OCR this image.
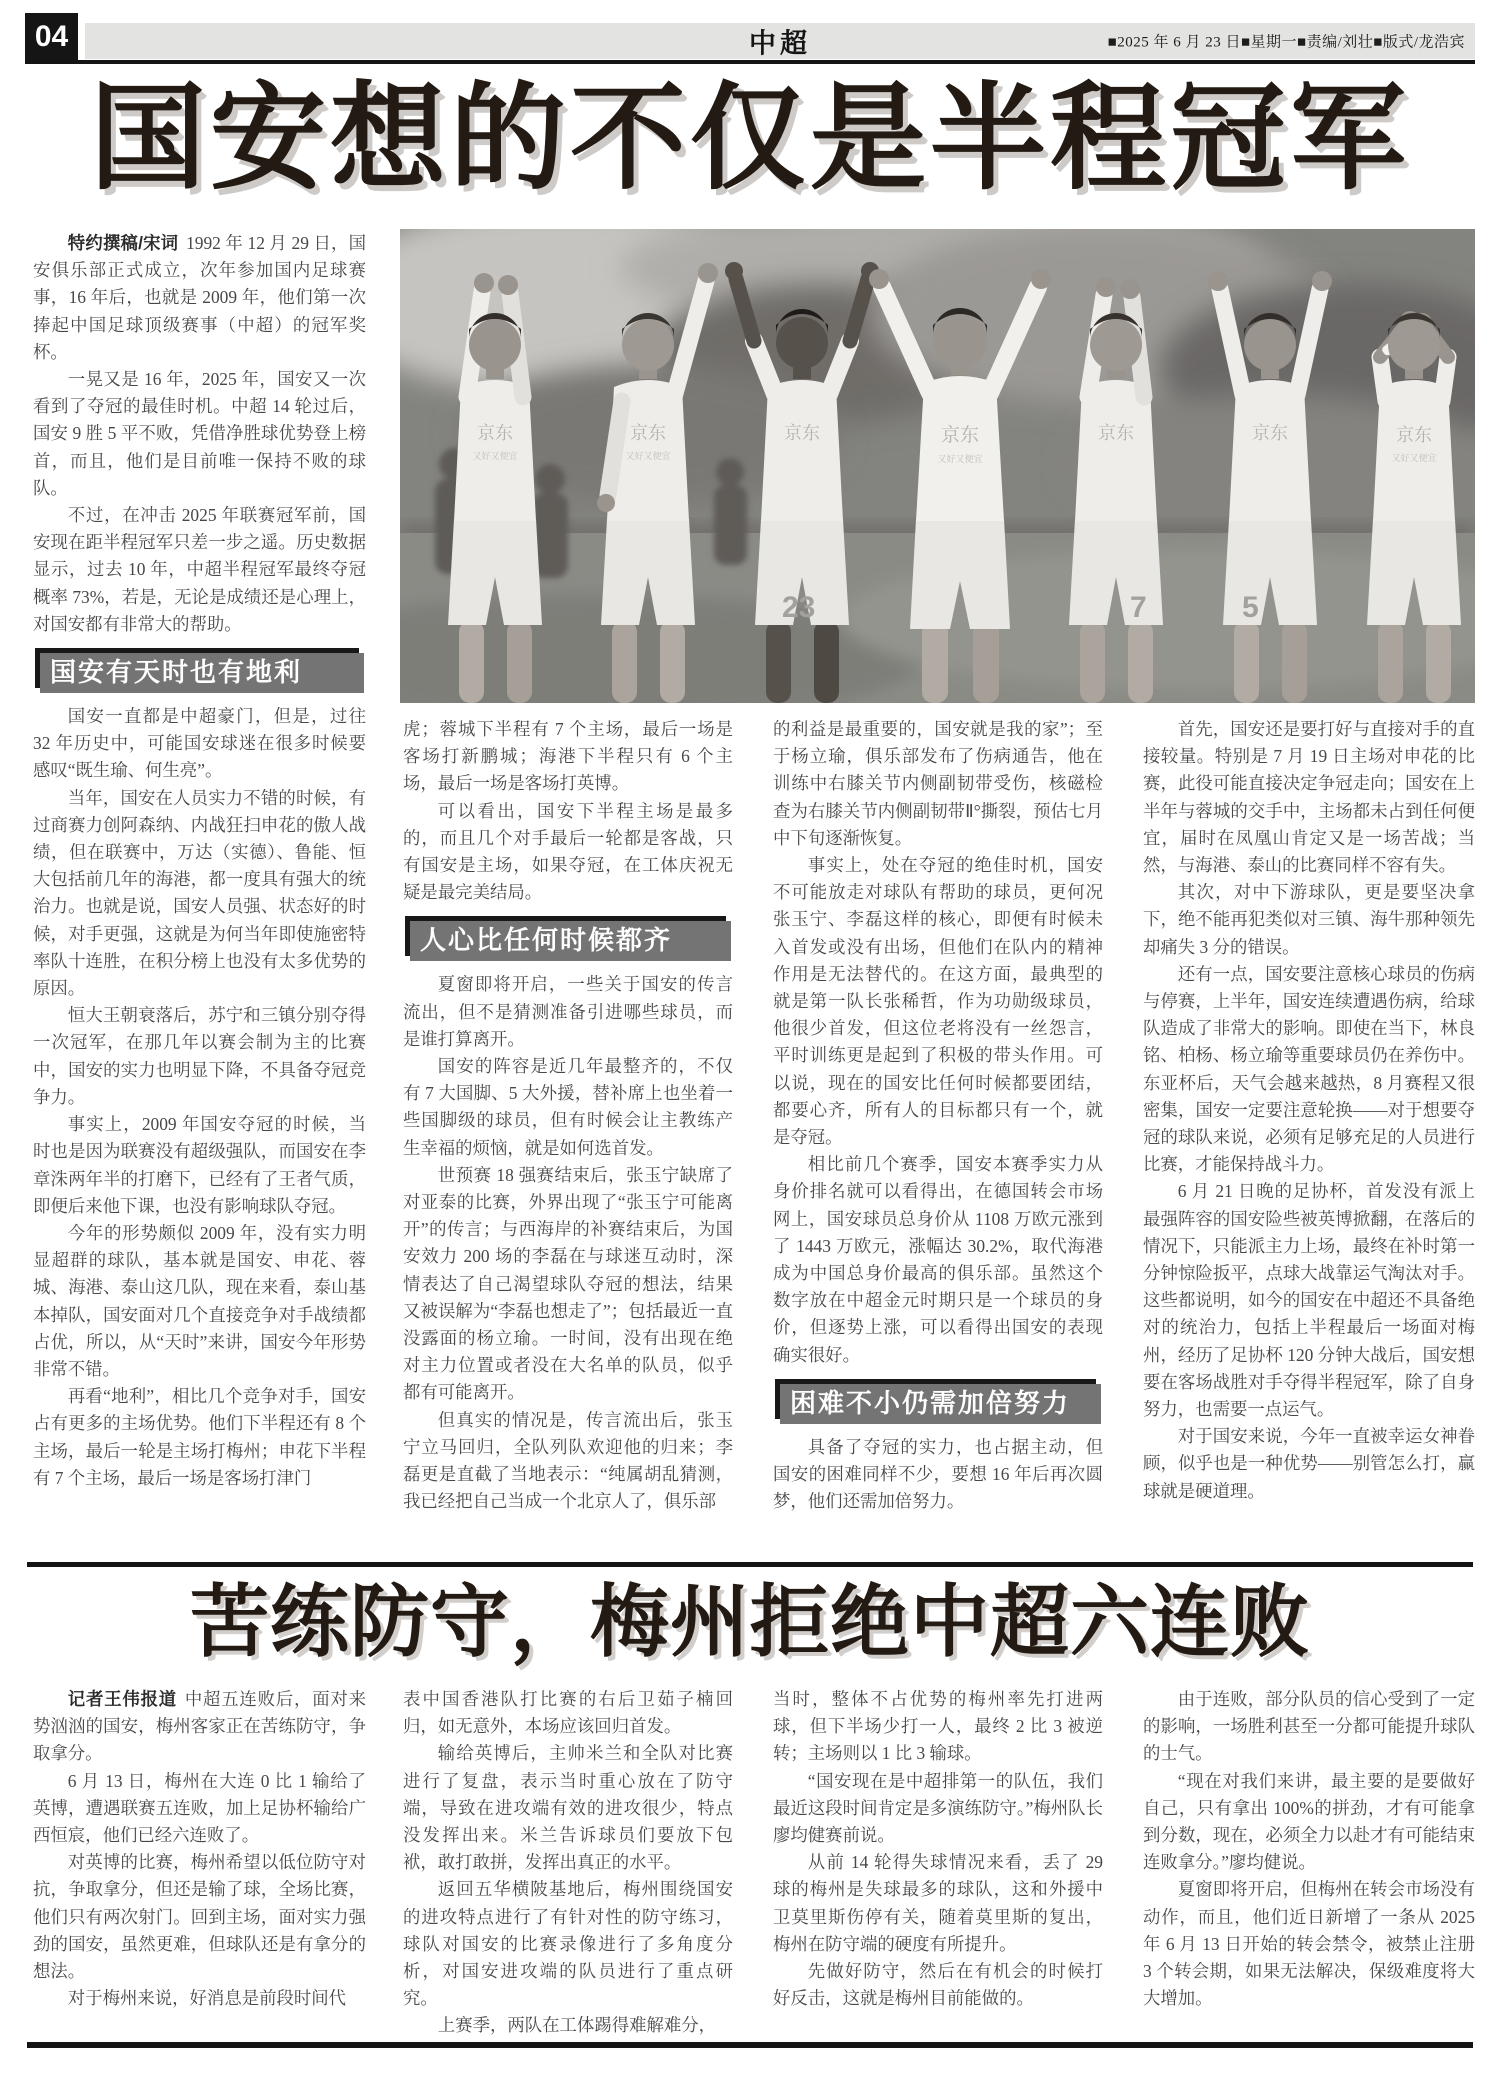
04	中超	■2025 年 6 月 23 日■星期一■责编/刘壮■版式/龙浩宾
国安想的不仅是半程冠军
京东
又好又便宜
京东
又好又便宜
京东
23
京东
又好又便宜
京东
7
京东
5
京东
又好又便宜

特约撰稿/宋词 1992 年 12 月 29 日，国安俱乐部正式成立，次年参加国内足球赛事，16 年后，也就是 2009 年，他们第一次捧起中国足球顶级赛事（中超）的冠军奖杯。

一晃又是 16 年，2025 年，国安又一次看到了夺冠的最佳时机。中超 14 轮过后，国安 9 胜 5 平不败，凭借净胜球优势登上榜首，而且，他们是目前唯一保持不败的球队。

不过，在冲击 2025 年联赛冠军前，国安现在距半程冠军只差一步之遥。历史数据显示，过去 10 年，中超半程冠军最终夺冠概率 73%，若是，无论是成绩还是心理上，对国安都有非常大的帮助。

国安有天时也有地利

国安一直都是中超豪门，但是，过往 32 年历史中，可能国安球迷在很多时候要感叹“既生瑜、何生亮”。

当年，国安在人员实力不错的时候，有过商赛力创阿森纳、内战狂扫申花的傲人战绩，但在联赛中，万达（实德）、鲁能、恒大包括前几年的海港，都一度具有强大的统治力。也就是说，国安人员强、状态好的时候，对手更强，这就是为何当年即使施密特率队十连胜，在积分榜上也没有太多优势的原因。

恒大王朝衰落后，苏宁和三镇分别夺得一次冠军，在那几年以赛会制为主的比赛中，国安的实力也明显下降，不具备夺冠竞争力。

事实上，2009 年国安夺冠的时候，当时也是因为联赛没有超级强队，而国安在李章洙两年半的打磨下，已经有了王者气质，即便后来他下课，也没有影响球队夺冠。

今年的形势颇似 2009 年，没有实力明显超群的球队，基本就是国安、申花、蓉城、海港、泰山这几队，现在来看，泰山基本掉队，国安面对几个直接竞争对手战绩都占优，所以，从“天时”来讲，国安今年形势非常不错。

再看“地利”，相比几个竞争对手，国安占有更多的主场优势。他们下半程还有 8 个主场，最后一轮是主场打梅州；申花下半程有 7 个主场，最后一场是客场打津门

虎；蓉城下半程有 7 个主场，最后一场是客场打新鹏城；海港下半程只有 6 个主场，最后一场是客场打英博。

可以看出，国安下半程主场是最多的，而且几个对手最后一轮都是客战，只有国安是主场，如果夺冠，在工体庆祝无疑是最完美结局。

人心比任何时候都齐

夏窗即将开启，一些关于国安的传言流出，但不是猜测准备引进哪些球员，而是谁打算离开。

国安的阵容是近几年最整齐的，不仅有 7 大国脚、5 大外援，替补席上也坐着一些国脚级的球员，但有时候会让主教练产生幸福的烦恼，就是如何选首发。

世预赛 18 强赛结束后，张玉宁缺席了对亚泰的比赛，外界出现了“张玉宁可能离开”的传言；与西海岸的补赛结束后，为国安效力 200 场的李磊在与球迷互动时，深情表达了自己渴望球队夺冠的想法，结果又被误解为“李磊也想走了”；包括最近一直没露面的杨立瑜。一时间，没有出现在绝对主力位置或者没在大名单的队员，似乎都有可能离开。

但真实的情况是，传言流出后，张玉宁立马回归，全队列队欢迎他的归来；李磊更是直截了当地表示：“纯属胡乱猜测，我已经把自己当成一个北京人了，俱乐部

的利益是最重要的，国安就是我的家”；至于杨立瑜，俱乐部发布了伤病通告，他在训练中右膝关节内侧副韧带受伤，核磁检查为右膝关节内侧副韧带Ⅱ°撕裂，预估七月中下旬逐渐恢复。

事实上，处在夺冠的绝佳时机，国安不可能放走对球队有帮助的球员，更何况张玉宁、李磊这样的核心，即便有时候未入首发或没有出场，但他们在队内的精神作用是无法替代的。在这方面，最典型的就是第一队长张稀哲，作为功勋级球员，他很少首发，但这位老将没有一丝怨言，平时训练更是起到了积极的带头作用。可以说，现在的国安比任何时候都要团结，都要心齐，所有人的目标都只有一个，就是夺冠。

相比前几个赛季，国安本赛季实力从身价排名就可以看得出，在德国转会市场网上，国安球员总身价从 1108 万欧元涨到了 1443 万欧元，涨幅达 30.2%，取代海港成为中国总身价最高的俱乐部。虽然这个数字放在中超金元时期只是一个球员的身价，但逐势上涨，可以看得出国安的表现确实很好。

困难不小仍需加倍努力

具备了夺冠的实力，也占据主动，但国安的困难同样不少，要想 16 年后再次圆梦，他们还需加倍努力。

首先，国安还是要打好与直接对手的直接较量。特别是 7 月 19 日主场对申花的比赛，此役可能直接决定争冠走向；国安在上半年与蓉城的交手中，主场都未占到任何便宜，届时在凤凰山肯定又是一场苦战；当然，与海港、泰山的比赛同样不容有失。

其次，对中下游球队，更是要坚决拿下，绝不能再犯类似对三镇、海牛那种领先却痛失 3 分的错误。

还有一点，国安要注意核心球员的伤病与停赛，上半年，国安连续遭遇伤病，给球队造成了非常大的影响。即使在当下，林良铭、柏杨、杨立瑜等重要球员仍在养伤中。东亚杯后，天气会越来越热，8 月赛程又很密集，国安一定要注意轮换——对于想要夺冠的球队来说，必须有足够充足的人员进行比赛，才能保持战斗力。

6 月 21 日晚的足协杯，首发没有派上最强阵容的国安险些被英博掀翻，在落后的情况下，只能派主力上场，最终在补时第一分钟惊险扳平，点球大战靠运气淘汰对手。这些都说明，如今的国安在中超还不具备绝对的统治力，包括上半程最后一场面对梅州，经历了足协杯 120 分钟大战后，国安想要在客场战胜对手夺得半程冠军，除了自身努力，也需要一点运气。

对于国安来说，今年一直被幸运女神眷顾，似乎也是一种优势——别管怎么打，赢球就是硬道理。

苦练防守，梅州拒绝中超六连败

记者王伟报道 中超五连败后，面对来势汹汹的国安，梅州客家正在苦练防守，争取拿分。

6 月 13 日，梅州在大连 0 比 1 输给了英博，遭遇联赛五连败，加上足协杯输给广西恒宸，他们已经六连败了。

对英博的比赛，梅州希望以低位防守对抗，争取拿分，但还是输了球，全场比赛，他们只有两次射门。回到主场，面对实力强劲的国安，虽然更难，但球队还是有拿分的想法。

对于梅州来说，好消息是前段时间代

表中国香港队打比赛的右后卫茹子楠回归，如无意外，本场应该回归首发。

输给英博后，主帅米兰和全队对比赛进行了复盘，表示当时重心放在了防守端，导致在进攻端有效的进攻很少，特点没发挥出来。米兰告诉球员们要放下包袱，敢打敢拼，发挥出真正的水平。

返回五华横陂基地后，梅州围绕国安的进攻特点进行了有针对性的防守练习，球队对国安的比赛录像进行了多角度分析，对国安进攻端的队员进行了重点研究。

上赛季，两队在工体踢得难解难分，

当时，整体不占优势的梅州率先打进两球，但下半场少打一人，最终 2 比 3 被逆转；主场则以 1 比 3 输球。

“国安现在是中超排第一的队伍，我们最近这段时间肯定是多演练防守。”梅州队长廖均健赛前说。

从前 14 轮得失球情况来看，丢了 29 球的梅州是失球最多的球队，这和外援中卫莫里斯伤停有关，随着莫里斯的复出，梅州在防守端的硬度有所提升。

先做好防守，然后在有机会的时候打好反击，这就是梅州目前能做的。

由于连败，部分队员的信心受到了一定的影响，一场胜利甚至一分都可能提升球队的士气。

“现在对我们来讲，最主要的是要做好自己，只有拿出 100%的拼劲，才有可能拿到分数，现在，必须全力以赴才有可能结束连败拿分。”廖均健说。

夏窗即将开启，但梅州在转会市场没有动作，而且，他们近日新增了一条从 2025 年 6 月 13 日开始的转会禁令，被禁止注册 3 个转会期，如果无法解决，保级难度将大大增加。
